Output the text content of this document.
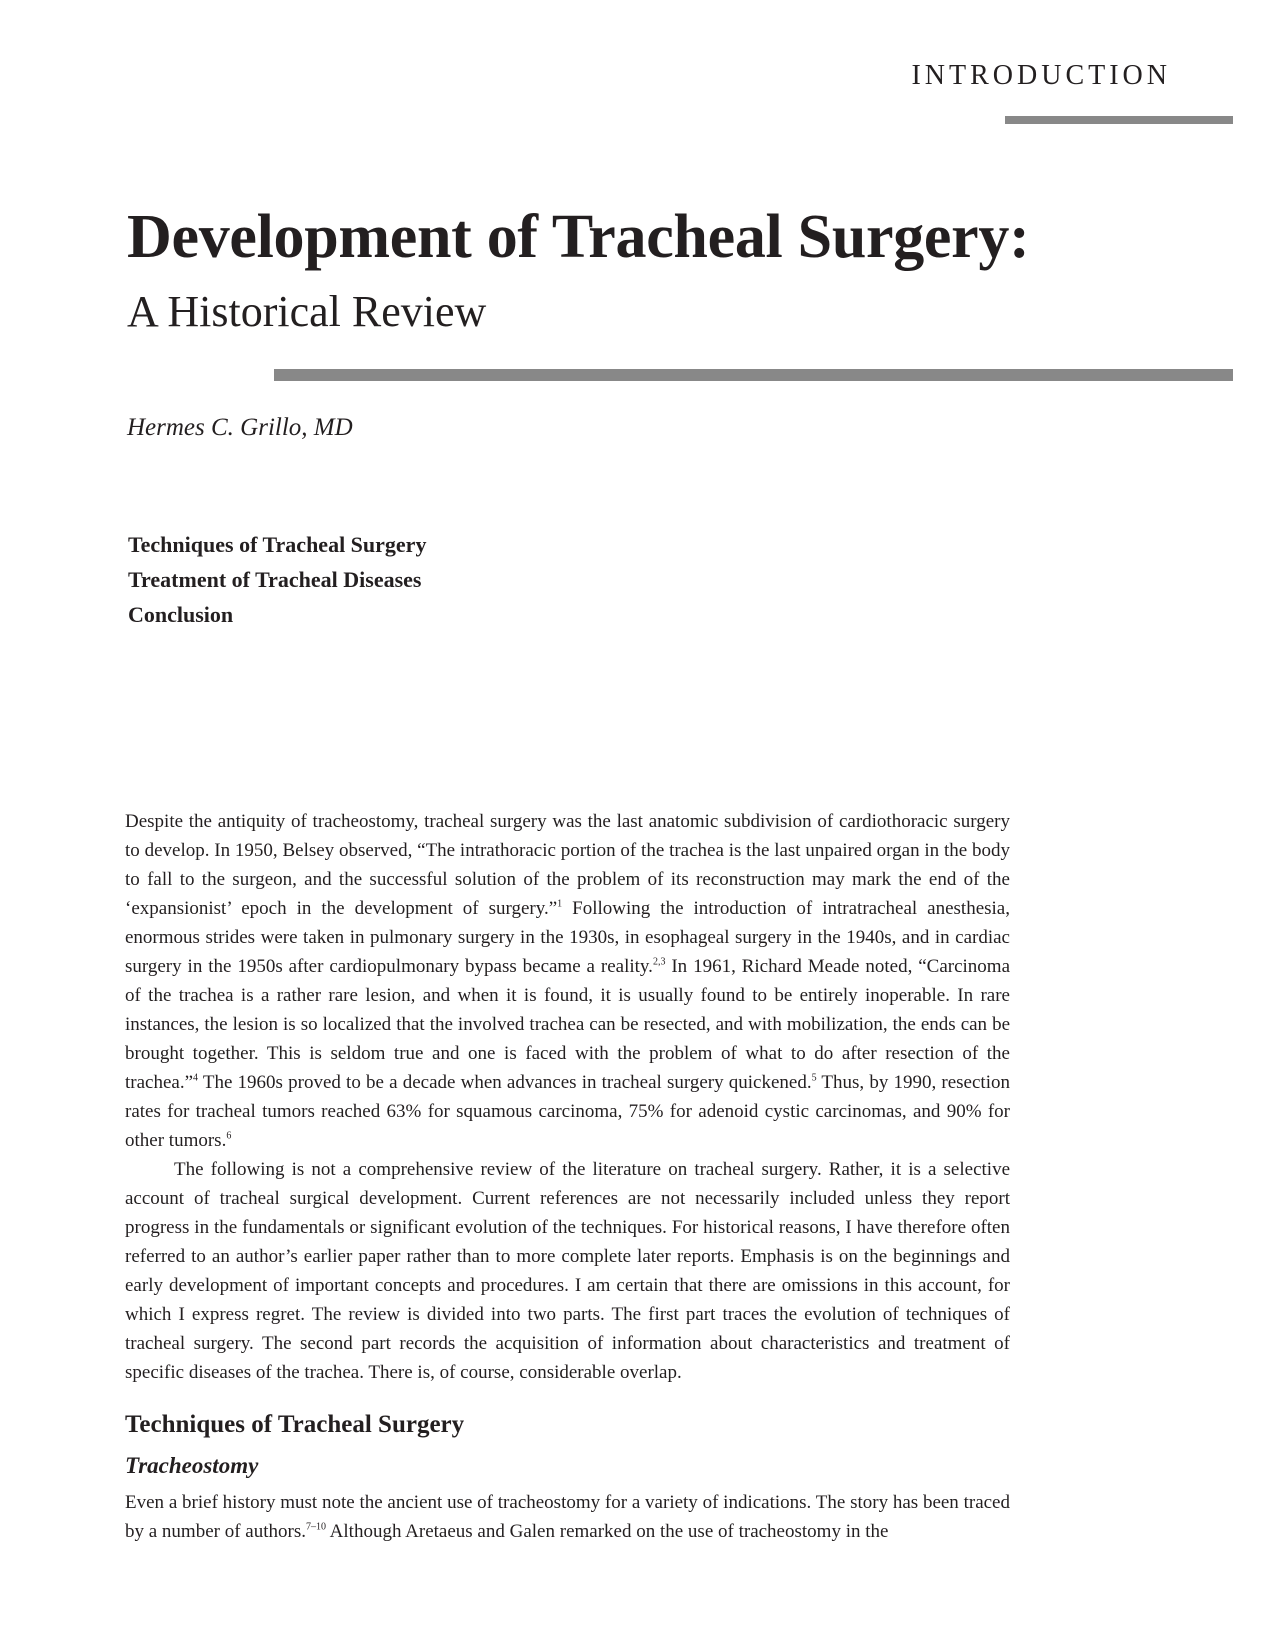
INTRODUCTION
Development of Tracheal Surgery:
A Historical Review
Hermes C. Grillo, MD
Techniques of Tracheal Surgery
Treatment of Tracheal Diseases
Conclusion

Despite the antiquity of tracheostomy, tracheal surgery was the last anatomic subdivision of cardiothoracic surgery to develop. In 1950, Belsey observed, “The intrathoracic portion of the trachea is the last unpaired organ in the body to fall to the surgeon, and the successful solution of the problem of its reconstruction may mark the end of the ‘expansionist’ epoch in the development of surgery.”$^1$ Following the introduction of intratracheal anesthesia, enormous strides were taken in pulmonary surgery in the 1930s, in esophageal surgery in the 1940s, and in cardiac surgery in the 1950s after cardiopulmonary bypass became a reality.$^{2,3}$ In 1961, Richard Meade noted, “Carcinoma of the trachea is a rather rare lesion, and when it is found, it is usually found to be entirely inoperable. In rare instances, the lesion is so localized that the involved trachea can be resected, and with mobilization, the ends can be brought together. This is seldom true and one is faced with the problem of what to do after resection of the trachea.”$^4$ The 1960s proved to be a decade when advances in tracheal surgery quickened.$^5$ Thus, by 1990, resection rates for tracheal tumors reached 63% for squamous carcinoma, 75% for adenoid cystic carcinomas, and 90% for other tumors.$^6$

The following is not a comprehensive review of the literature on tracheal surgery. Rather, it is a selective account of tracheal surgical development. Current references are not necessarily included unless they report progress in the fundamentals or significant evolution of the techniques. For historical reasons, I have therefore often referred to an author’s earlier paper rather than to more complete later reports. Emphasis is on the beginnings and early development of important concepts and procedures. I am certain that there are omissions in this account, for which I express regret. The review is divided into two parts. The first part traces the evolution of techniques of tracheal surgery. The second part records the acquisition of information about characteristics and treatment of specific diseases of the trachea. There is, of course, considerable overlap.

Techniques of Tracheal Surgery
Tracheostomy

Even a brief history must note the ancient use of tracheostomy for a variety of indications. The story has been traced by a number of authors.$^{7-10}$ Although Aretaeus and Galen remarked on the use of tracheostomy in the
